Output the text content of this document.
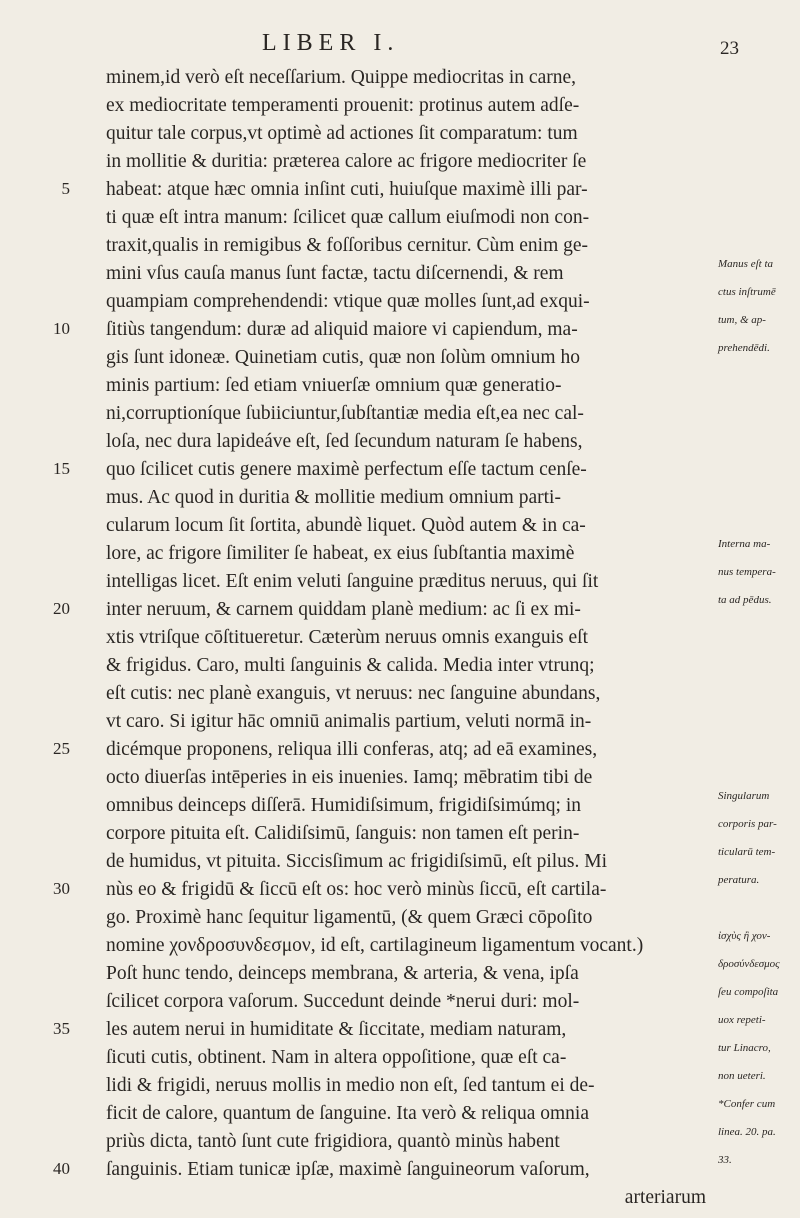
LIBER I.	23
minem,id verò eſt neceſſarium. Quippe mediocritas in carne,
ex mediocritate temperamenti prouenit: protinus autem adſe-
quitur tale corpus,vt optimè ad actiones ſit comparatum: tum
in mollitie & duritia: præterea calore ac frigore mediocriter ſe
5 habeat: atque hæc omnia inſint cuti, huiuſque maximè illi par-
ti quæ eſt intra manum: ſcilicet quæ callum eiuſmodi non con-
traxit,qualis in remigibus & foſſoribus cernitur. Cùm enim ge-
mini vſus cauſa manus ſunt factæ, tactu diſcernendi, & rem	Manus eſt ta
quampiam comprehendendi: vtique quæ molles ſunt,ad exqui-	ctus inſtrumē
10 ſitiùs tangendum: duræ ad aliquid maiore vi capiendum, ma-	tum, & ap-
gis ſunt idoneæ. Quinetiam cutis, quæ non ſolùm omnium ho	prehendēdi.
minis partium: ſed etiam vniuerſæ omnium quæ generatio-
ni,corruptioníque ſubiiciuntur,ſubſtantiæ media eſt,ea nec cal-
loſa, nec dura lapideáve eſt, ſed ſecundum naturam ſe habens,
15 quo ſcilicet cutis genere maximè perfectum eſſe tactum cenſe-
mus. Ac quod in duritia & mollitie medium omnium parti-
cularum locum ſit ſortita, abundè liquet. Quòd autem & in ca-
lore, ac frigore ſimiliter ſe habeat, ex eius ſubſtantia maximè	Interna ma-
intelligas licet. Eſt enim veluti ſanguine præditus neruus, qui ſit	nus tempera-
20 inter neruum, & carnem quiddam planè medium: ac ſi ex mi-	ta ad pēdus.
xtis vtriſque cōſtitueretur. Cæterùm neruus omnis exanguis eſt
& frigidus. Caro, multi ſanguinis & calida. Media inter vtrunq;
eſt cutis: nec planè exanguis, vt neruus: nec ſanguine abundans,
vt caro. Si igitur hāc omniū animalis partium, veluti normā in-
25 dicémque proponens, reliqua illi conferas, atq; ad eā examines,
octo diuerſas intēperies in eis inuenies. Iamq; mēbratim tibi de
omnibus deinceps diſſerā. Humidiſsimum, frigidiſsimúmq; in	Singularum
corpore pituita eſt. Calidiſsimū, ſanguis: non tamen eſt perin-	corporis par-
de humidus, vt pituita. Siccisſimum ac frigidiſsimū, eſt pilus. Mi	ticularū tem-
30 nùs eo & frigidū & ſiccū eſt os: hoc verò minùs ſiccū, eſt cartila-	peratura.
go. Proximè hanc ſequitur ligamentū, (& quem Græci cōpoſito
nomine χονδροσυνδεσμον, id eſt, cartilagineum ligamentum vocant.)	ἰσχὺς ἢ χον-
Poſt hunc tendo, deinceps membrana, & arteria, & vena, ipſa	δροσύνδεσμος
ſcilicet corpora vaſorum. Succedunt deinde *nerui duri: mol-	ſeu compoſita
35 les autem nerui in humiditate & ſiccitate, mediam naturam,	uox repeti-
ſicuti cutis, obtinent. Nam in altera oppoſitione, quæ eſt ca-	tur Linacro,
lidi & frigidi, neruus mollis in medio non eſt, ſed tantum ei de-	non ueteri.
ficit de calore, quantum de ſanguine. Ita verò & reliqua omnia	*Confer cum
priùs dicta, tantò ſunt cute frigidiora, quantò minùs habent	linea. 20. pa.
40 ſanguinis. Etiam tunicæ ipſæ, maximè ſanguineorum vaſorum,	33.
arteriarum
